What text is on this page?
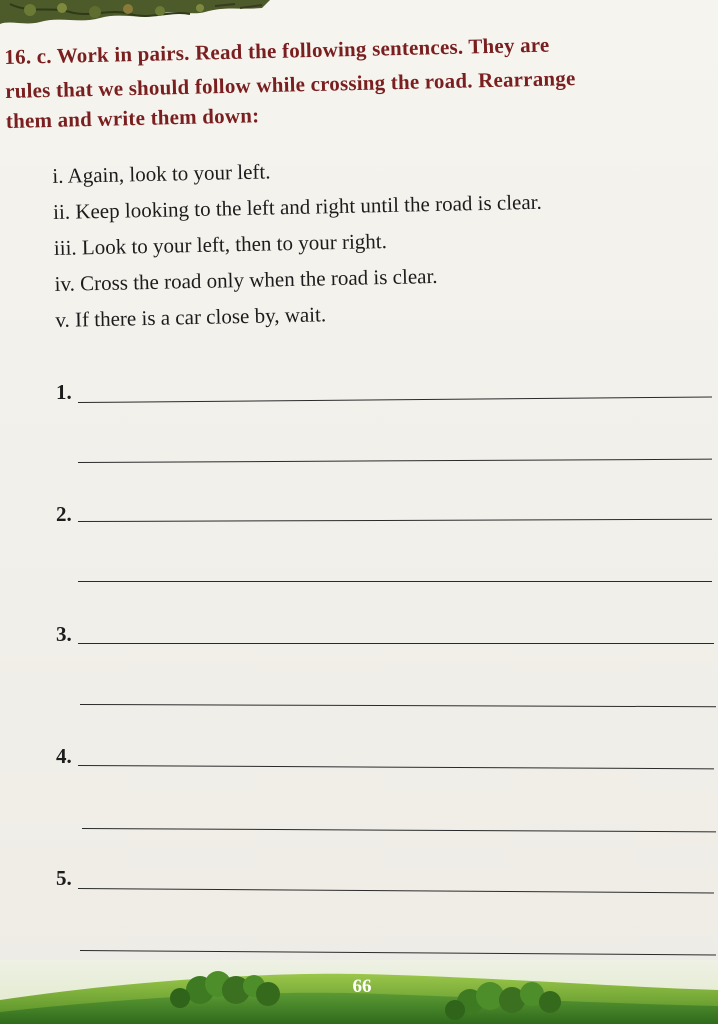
16. c. Work in pairs. Read the following sentences. They are
rules that we should follow while crossing the road. Rearrange
them and write them down:
i. Again, look to your left.
ii. Keep looking to the left and right until the road is clear.
iii. Look to your left, then to your right.
iv. Cross the road only when the road is clear.
v. If there is a car close by, wait.
1.
2.
3.
4.
5.
66
